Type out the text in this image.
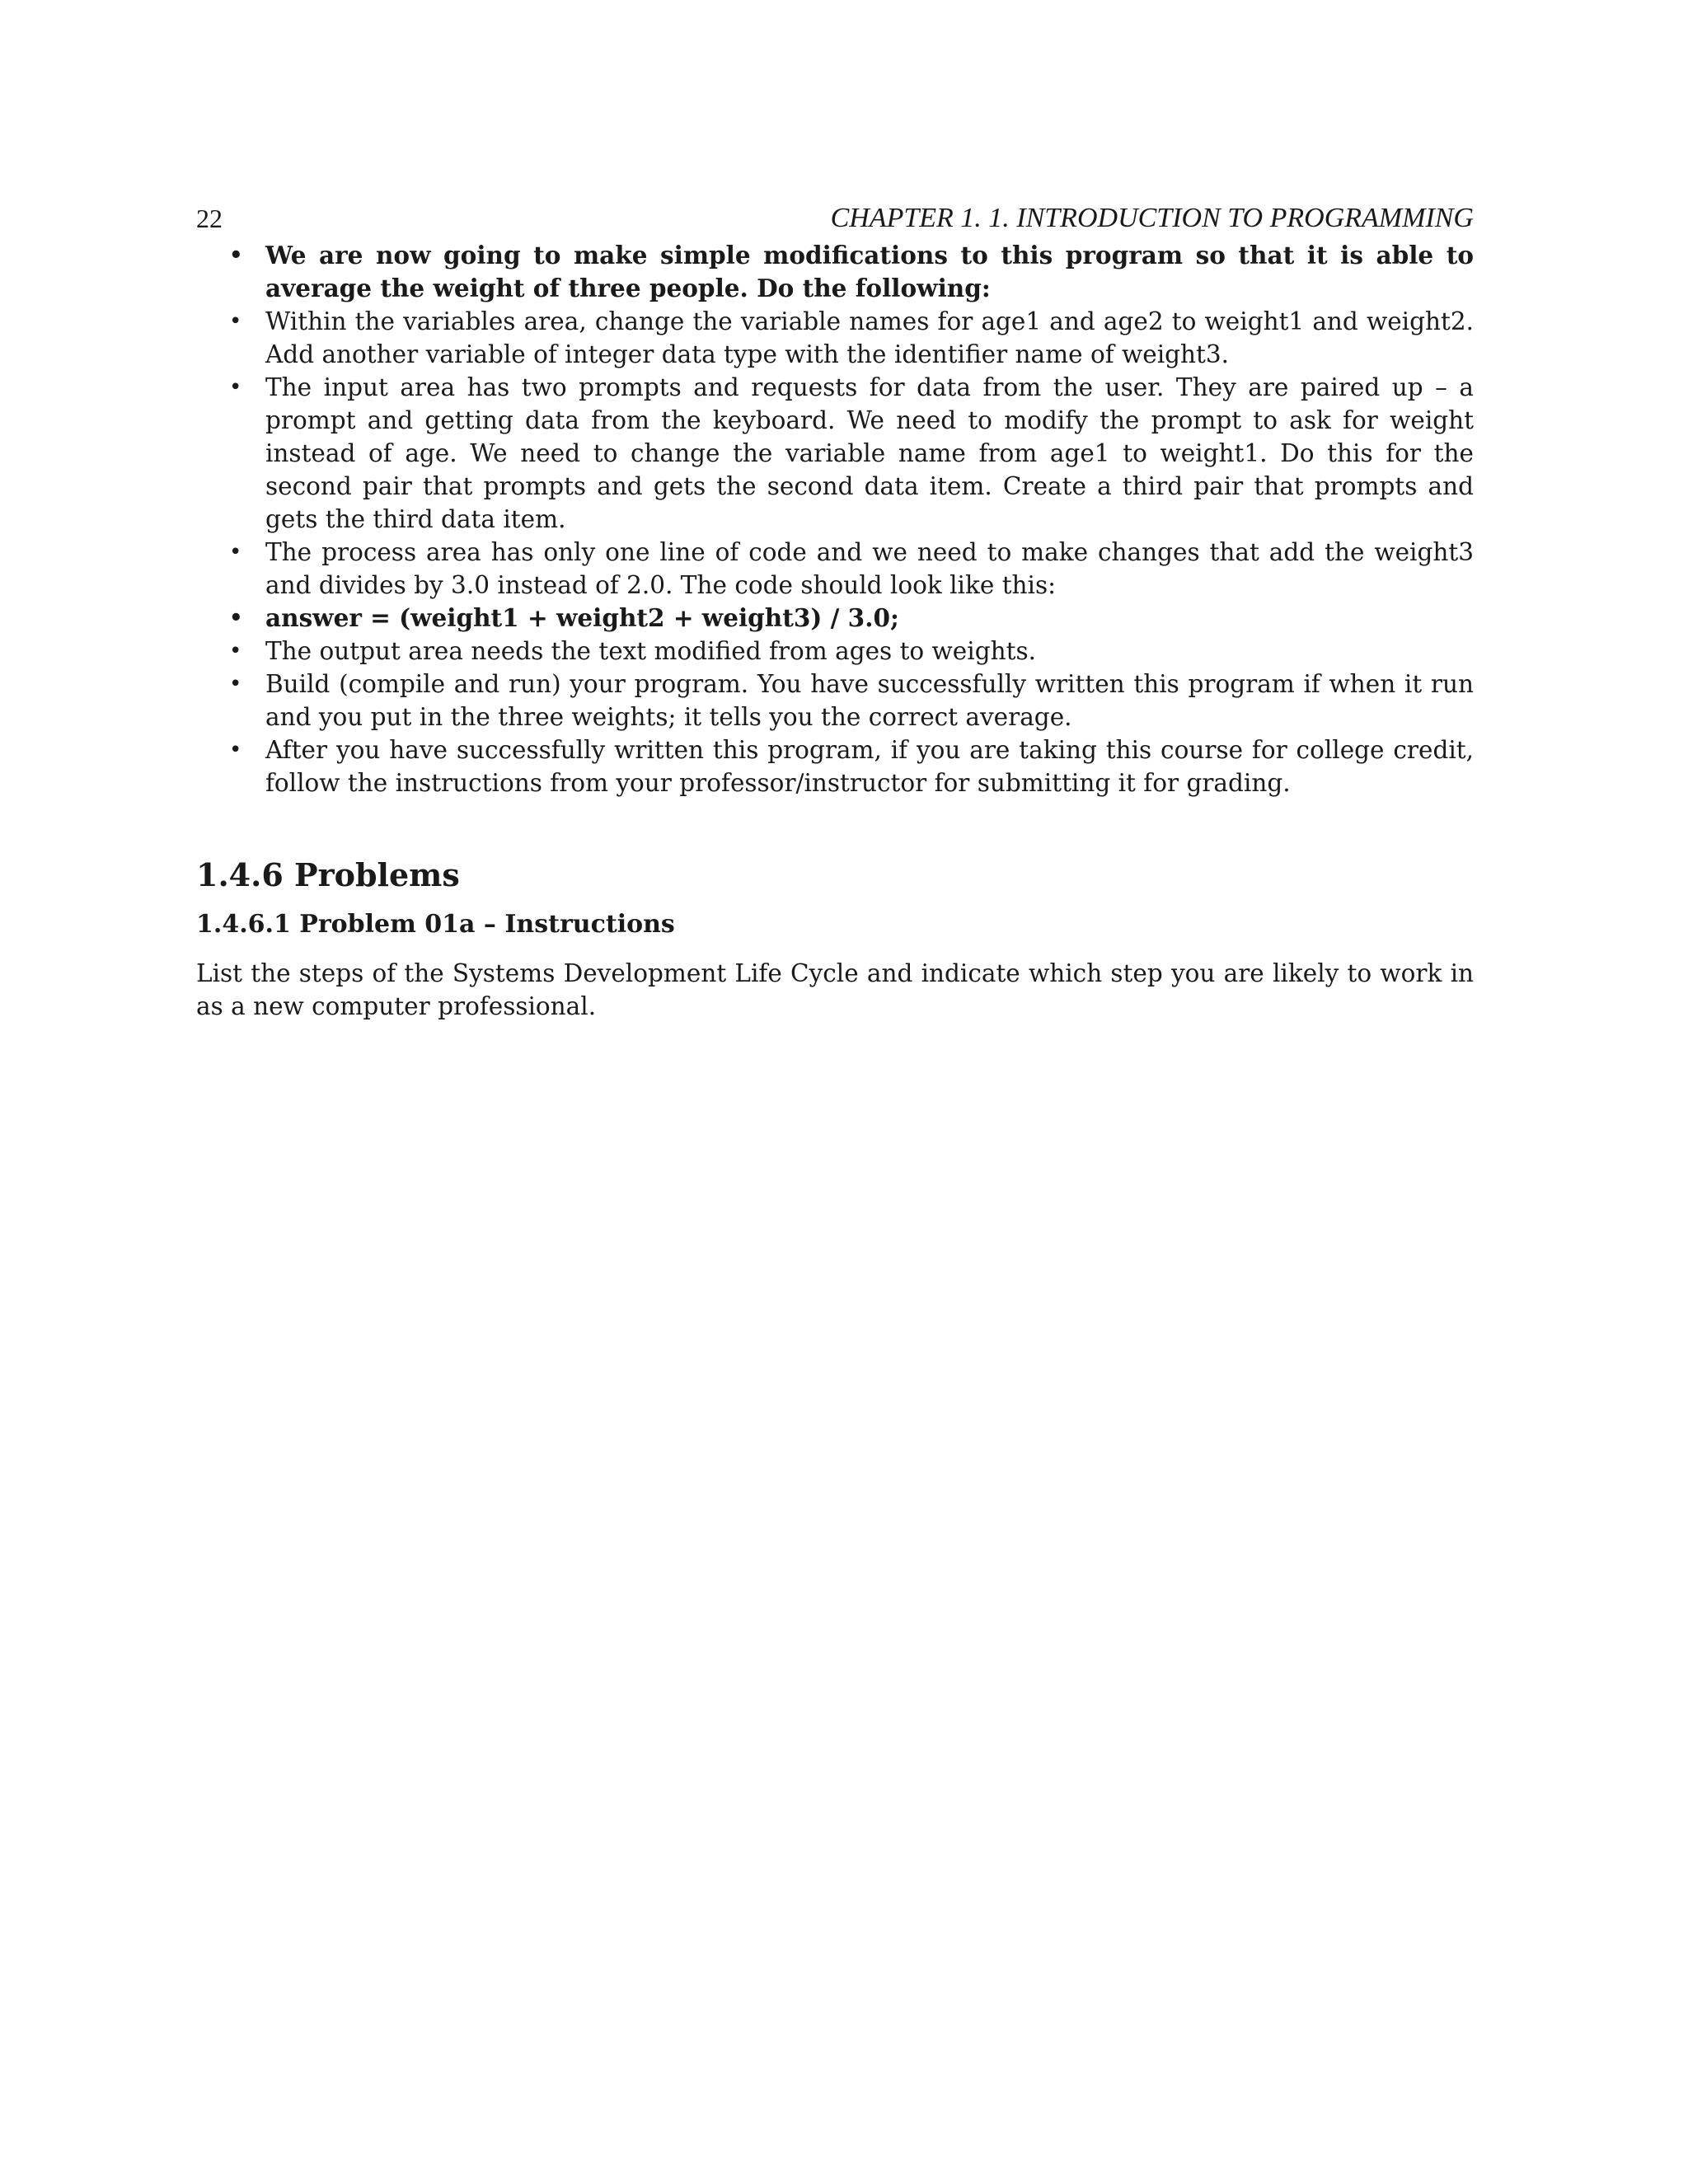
22	CHAPTER 1. 1. INTRODUCTION TO PROGRAMMING
• We are now going to make simple modifications to this program so that it is able to average the weight of three people. Do the following:
• Within the variables area, change the variable names for age1 and age2 to weight1 and weight2. Add another variable of integer data type with the identifier name of weight3.
• The input area has two prompts and requests for data from the user. They are paired up – a prompt and getting data from the keyboard. We need to modify the prompt to ask for weight instead of age. We need to change the variable name from age1 to weight1. Do this for the second pair that prompts and gets the second data item. Create a third pair that prompts and gets the third data item.
• The process area has only one line of code and we need to make changes that add the weight3 and divides by 3.0 instead of 2.0. The code should look like this:
• answer = (weight1 + weight2 + weight3) / 3.0;
• The output area needs the text modified from ages to weights.
• Build (compile and run) your program. You have successfully written this program if when it run and you put in the three weights; it tells you the correct average.
• After you have successfully written this program, if you are taking this course for college credit, follow the instructions from your professor/instructor for submitting it for grading.
1.4.6 Problems
1.4.6.1 Problem 01a – Instructions
List the steps of the Systems Development Life Cycle and indicate which step you are likely to work in as a new computer professional.
